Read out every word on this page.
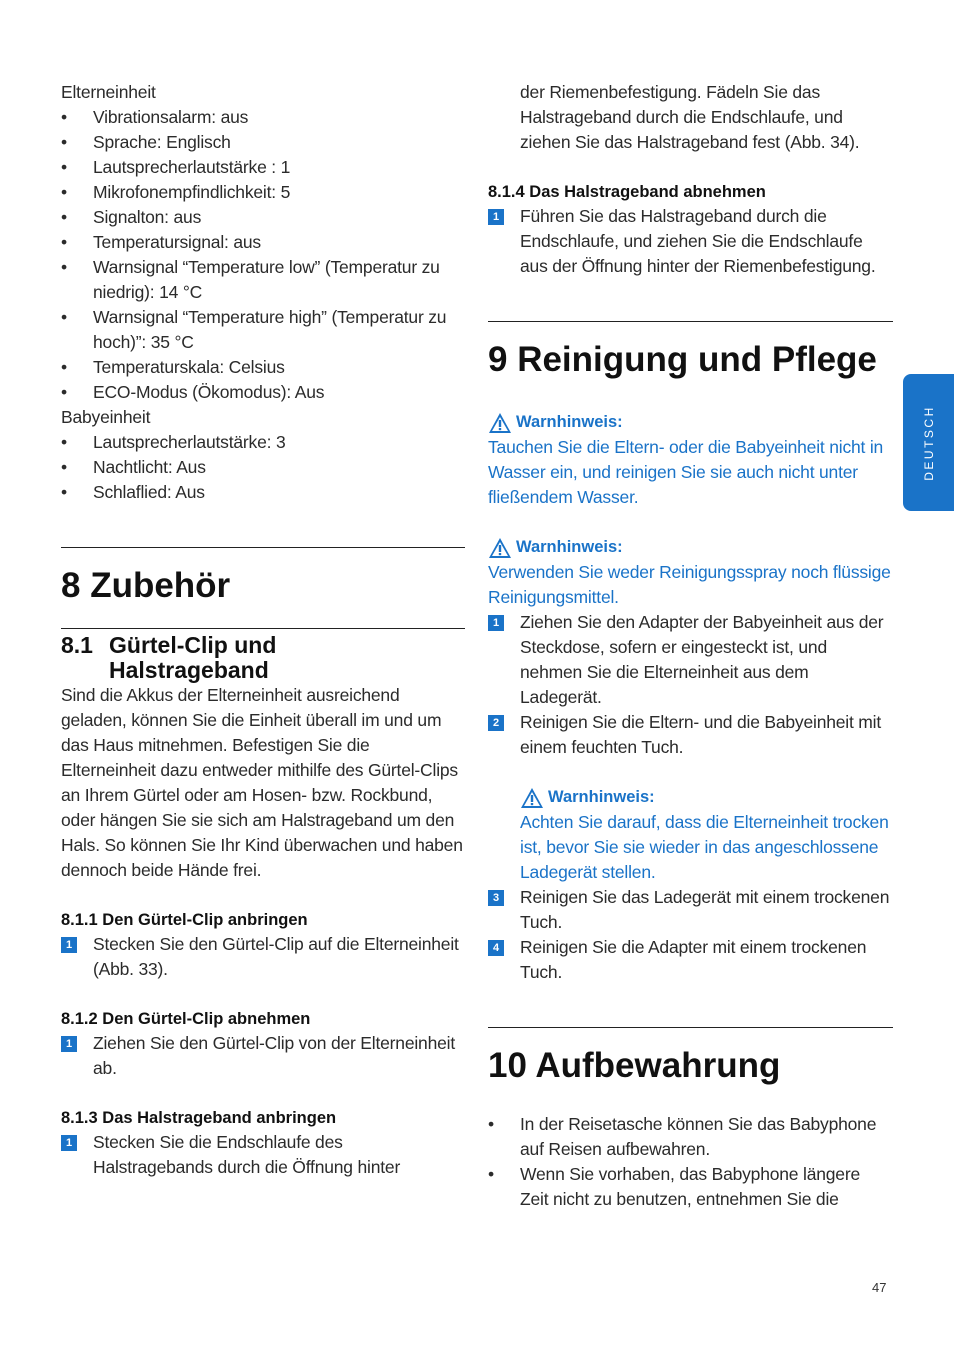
Elterneinheit

• Vibrationsalarm: aus
• Sprache: Englisch
• Lautsprecherlautstärke : 1
• Mikrofonempfindlichkeit: 5
• Signalton: aus
• Temperatursignal: aus
• Warnsignal “Temperature low” (Temperatur zu niedrig): 14 °C
• Warnsignal “Temperature high” (Temperatur zu hoch)”: 35 °C
• Temperaturskala: Celsius
• ECO-Modus (Ökomodus): Aus

Babyeinheit

• Lautsprecherlautstärke: 3
• Nachtlicht: Aus
• Schlaflied: Aus
8 Zubehör
8.1 Gürtel-Clip und Halstrageband

Sind die Akkus der Elterneinheit ausreichend geladen, können Sie die Einheit überall im und um das Haus mitnehmen. Befestigen Sie die Elterneinheit dazu entweder mithilfe des Gürtel-Clips an Ihrem Gürtel oder am Hosen- bzw. Rockbund, oder hängen Sie sie sich am Halstrageband um den Hals. So können Sie Ihr Kind überwachen und haben dennoch beide Hände frei.

8.1.1 Den Gürtel-Clip anbringen

1 Stecken Sie den Gürtel-Clip auf die Elterneinheit (Abb. 33).

8.1.2 Den Gürtel-Clip abnehmen

1 Ziehen Sie den Gürtel-Clip von der Elterneinheit ab.

8.1.3 Das Halstrageband anbringen

1 Stecken Sie die Endschlaufe des Halstragebands durch die Öffnung hinter

der Riemenbefestigung. Fädeln Sie das Halstrageband durch die Endschlaufe, und ziehen Sie das Halstrageband fest (Abb. 34).

8.1.4 Das Halstrageband abnehmen

1 Führen Sie das Halstrageband durch die Endschlaufe, und ziehen Sie die Endschlaufe aus der Öffnung hinter der Riemenbefestigung.
9 Reinigung und Pflege
Warnhinweis:
Tauchen Sie die Eltern- oder die Babyeinheit nicht in Wasser ein, und reinigen Sie sie auch nicht unter fließendem Wasser.
Warnhinweis:
Verwenden Sie weder Reinigungsspray noch flüssige Reinigungsmittel.
1 Ziehen Sie den Adapter der Babyeinheit aus der Steckdose, sofern er eingesteckt ist, und nehmen Sie die Elterneinheit aus dem Ladegerät.
2 Reinigen Sie die Eltern- und die Babyeinheit mit einem feuchten Tuch.
Warnhinweis:
Achten Sie darauf, dass die Elterneinheit trocken ist, bevor Sie sie wieder in das angeschlossene Ladegerät stellen.
3 Reinigen Sie das Ladegerät mit einem trockenen Tuch.
4 Reinigen Sie die Adapter mit einem trockenen Tuch.
10 Aufbewahrung
• In der Reisetasche können Sie das Babyphone auf Reisen aufbewahren.
• Wenn Sie vorhaben, das Babyphone längere Zeit nicht zu benutzen, entnehmen Sie die
DEUTSCH
47
